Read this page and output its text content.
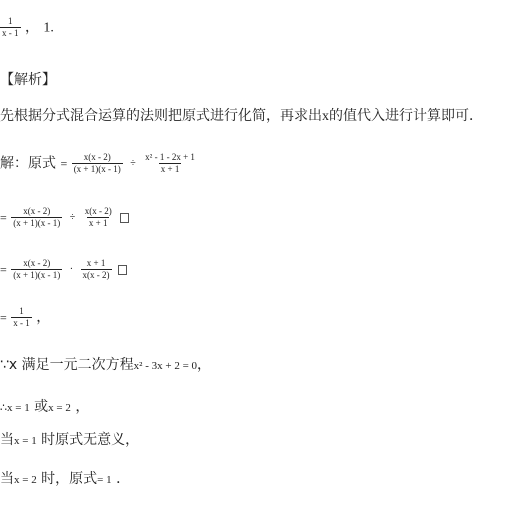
$\frac{1}{x - 1}$ ， 1.
【解析】
先根据分式混合运算的法则把原式进行化简，再求出x的值代入进行计算即可．
解：原式 = $\frac{x(x - 2)}{(x + 1)(x - 1)} \div \frac{\text{x² - 1 - 2x + 1}}{x + 1}$
= $\frac{x(x - 2)}{(x + 1)(x - 1)} \div \frac{x(x - 2)}{x + 1}$

= $\frac{x(x - 2)}{(x + 1)(x - 1)} \cdot \frac{x + 1}{x(x - 2)}$

= $\frac{1}{x - 1}$ ，
∵x 满足一元二次方程x² - 3x + 2 = 0，
∴x = 1 或x = 2 ，
当x = 1 时原式无意义，
当x = 2 时，原式= 1 ．
